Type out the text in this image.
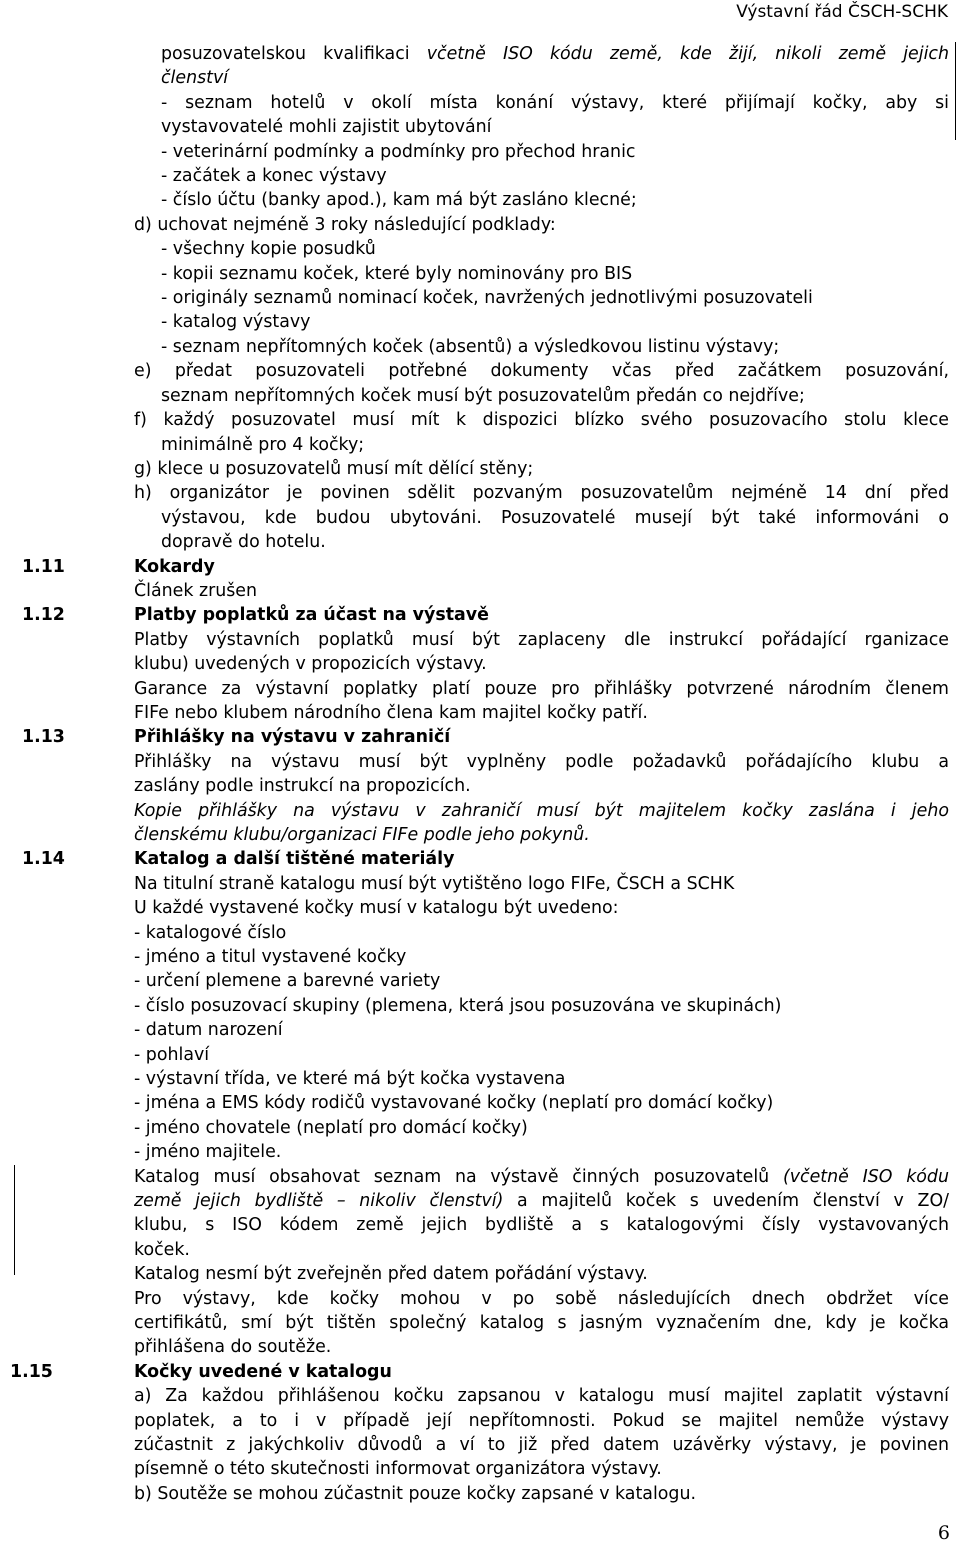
Výstavní řád ČSCH-SCHK
posuzovatelskou kvalifikaci včetně ISO kódu země, kde žijí, nikoli země jejich
členství
- seznam hotelů v okolí místa konání výstavy, které přijímají kočky, aby si
vystavovatelé mohli zajistit ubytování
- veterinární podmínky a podmínky pro přechod hranic
- začátek a konec výstavy
- číslo účtu (banky apod.), kam má být zasláno klecné;
d) uchovat nejméně 3 roky následující podklady:
- všechny kopie posudků
- kopii seznamu koček, které byly nominovány pro BIS
- originály seznamů nominací koček, navržených jednotlivými posuzovateli
- katalog výstavy
- seznam nepřítomných koček (absentů) a výsledkovou listinu výstavy;
e) předat posuzovateli potřebné dokumenty včas před začátkem posuzování,
seznam nepřítomných koček musí být posuzovatelům předán co nejdříve;
f) každý posuzovatel musí mít k dispozici blízko svého posuzovacího stolu klece
minimálně pro 4 kočky;
g) klece u posuzovatelů musí mít dělící stěny;
h) organizátor je povinen sdělit pozvaným posuzovatelům nejméně 14 dní před
výstavou, kde budou ubytováni. Posuzovatelé musejí být také informováni o
dopravě do hotelu.
1.11	Kokardy
Článek zrušen
1.12	Platby poplatků za účast na výstavě
Platby výstavních poplatků musí být zaplaceny dle instrukcí pořádající rganizace
klubu) uvedených v propozicích výstavy.
Garance za výstavní poplatky platí pouze pro přihlášky potvrzené národním členem
FIFe nebo klubem národního člena kam majitel kočky patří.
1.13	Přihlášky na výstavu v zahraničí
Přihlášky na výstavu musí být vyplněny podle požadavků pořádajícího klubu a
zaslány podle instrukcí na propozicích.
Kopie přihlášky na výstavu v zahraničí musí být majitelem kočky zaslána i jeho
členskému klubu/organizaci FIFe podle jeho pokynů.
1.14	Katalog a další tištěné materiály
Na titulní straně katalogu musí být vytištěno logo FIFe, ČSCH a SCHK
U každé vystavené kočky musí v katalogu být uvedeno:
- katalogové číslo
- jméno a titul vystavené kočky
- určení plemene a barevné variety
- číslo posuzovací skupiny (plemena, která jsou posuzována ve skupinách)
- datum narození
- pohlaví
- výstavní třída, ve které má být kočka vystavena
- jména a EMS kódy rodičů vystavované kočky (neplatí pro domácí kočky)
- jméno chovatele (neplatí pro domácí kočky)
- jméno majitele.
Katalog musí obsahovat seznam na výstavě činných posuzovatelů (včetně ISO kódu
země jejich bydliště – nikoliv členství) a majitelů koček s uvedením členství v ZO/
klubu, s ISO kódem země jejich bydliště a s katalogovými čísly vystavovaných
koček.
Katalog nesmí být zveřejněn před datem pořádání výstavy.
Pro výstavy, kde kočky mohou v po sobě následujících dnech obdržet více
certifikátů, smí být tištěn společný katalog s jasným vyznačením dne, kdy je kočka
přihlášena do soutěže.
1.15	Kočky uvedené v katalogu
a) Za každou přihlášenou kočku zapsanou v katalogu musí majitel zaplatit výstavní
poplatek, a to i v případě její nepřítomnosti. Pokud se majitel nemůže výstavy
zúčastnit z jakýchkoliv důvodů a ví to již před datem uzávěrky výstavy, je povinen
písemně o této skutečnosti informovat organizátora výstavy.
b) Soutěže se mohou zúčastnit pouze kočky zapsané v katalogu.
6
